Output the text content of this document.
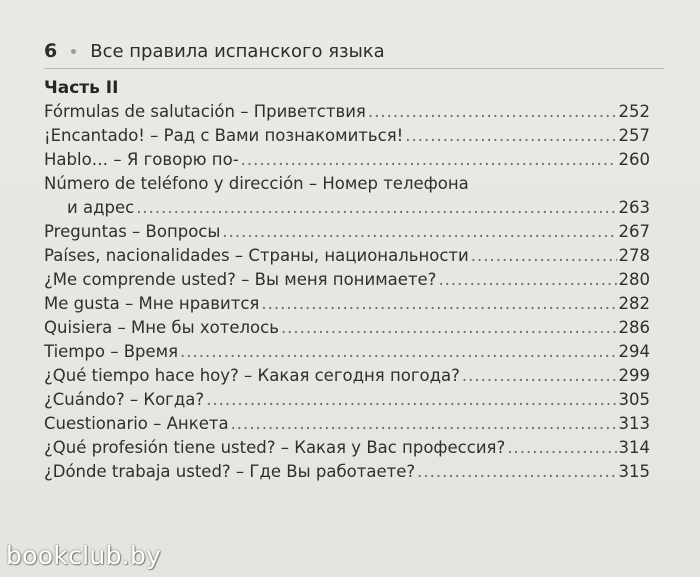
6 Все правила испанского языка
Часть II
Fórmulas de salutación – Приветствия .....	252
¡Encantado! – Рад с Вами познакомиться! .....	257
Hablo… – Я говорю по- .....	260
Número de teléfono y dirección – Номер телефона
и адрес .....	263
Preguntas – Вопросы .....	267
Países, nacionalidades – Страны, национальности .....	278
¿Me comprende usted? – Вы меня понимаете? .....	280
Me gusta – Мне нравится .....	282
Quisiera – Мне бы хотелось .....	286
Tiempo – Время .....	294
¿Qué tiempo hace hoy? – Какая сегодня погода? .....	299
¿Cuándo? – Когда? .....	305
Cuestionario – Анкета .....	313
¿Qué profesión tiene usted? – Какая у Вас профессия? .....	314
¿Dónde trabaja usted? – Где Вы работаете? .....	315
bookclub.by
